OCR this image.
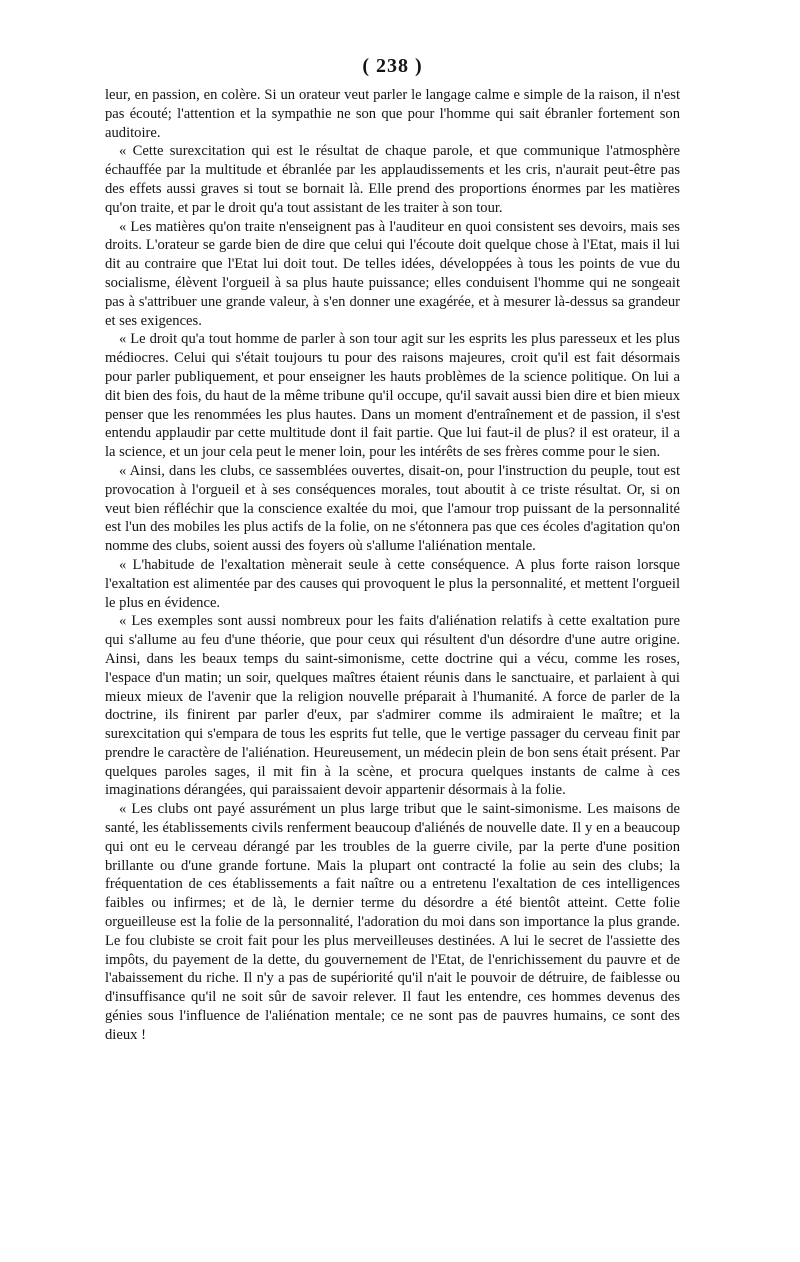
( 238 )

leur, en passion, en colère. Si un orateur veut parler le langage calme e simple de la raison, il n'est pas écouté; l'attention et la sympathie ne son que pour l'homme qui sait ébranler fortement son auditoire.

« Cette surexcitation qui est le résultat de chaque parole, et que communique l'atmosphère échauffée par la multitude et ébranlée par les applaudissements et les cris, n'aurait peut-être pas des effets aussi graves si tout se bornait là. Elle prend des proportions énormes par les matières qu'on traite, et par le droit qu'a tout assistant de les traiter à son tour.

« Les matières qu'on traite n'enseignent pas à l'auditeur en quoi consistent ses devoirs, mais ses droits. L'orateur se garde bien de dire que celui qui l'écoute doit quelque chose à l'Etat, mais il lui dit au contraire que l'Etat lui doit tout. De telles idées, développées à tous les points de vue du socialisme, élèvent l'orgueil à sa plus haute puissance; elles conduisent l'homme qui ne songeait pas à s'attribuer une grande valeur, à s'en donner une exagérée, et à mesurer là-dessus sa grandeur et ses exigences.

« Le droit qu'a tout homme de parler à son tour agit sur les esprits les plus paresseux et les plus médiocres. Celui qui s'était toujours tu pour des raisons majeures, croit qu'il est fait désormais pour parler publiquement, et pour enseigner les hauts problèmes de la science politique. On lui a dit bien des fois, du haut de la même tribune qu'il occupe, qu'il savait aussi bien dire et bien mieux penser que les renommées les plus hautes. Dans un moment d'entraînement et de passion, il s'est entendu applaudir par cette multitude dont il fait partie. Que lui faut-il de plus? il est orateur, il a la science, et un jour cela peut le mener loin, pour les intérêts de ses frères comme pour le sien.

« Ainsi, dans les clubs, ce sassemblées ouvertes, disait-on, pour l'instruction du peuple, tout est provocation à l'orgueil et à ses conséquences morales, tout aboutit à ce triste résultat. Or, si on veut bien réfléchir que la conscience exaltée du moi, que l'amour trop puissant de la personnalité est l'un des mobiles les plus actifs de la folie, on ne s'étonnera pas que ces écoles d'agitation qu'on nomme des clubs, soient aussi des foyers où s'allume l'aliénation mentale.

« L'habitude de l'exaltation mènerait seule à cette conséquence. A plus forte raison lorsque l'exaltation est alimentée par des causes qui provoquent le plus la personnalité, et mettent l'orgueil le plus en évidence.

« Les exemples sont aussi nombreux pour les faits d'aliénation relatifs à cette exaltation pure qui s'allume au feu d'une théorie, que pour ceux qui résultent d'un désordre d'une autre origine. Ainsi, dans les beaux temps du saint-simonisme, cette doctrine qui a vécu, comme les roses, l'espace d'un matin; un soir, quelques maîtres étaient réunis dans le sanctuaire, et parlaient à qui mieux mieux de l'avenir que la religion nouvelle préparait à l'humanité. A force de parler de la doctrine, ils finirent par parler d'eux, par s'admirer comme ils admiraient le maître; et la surexcitation qui s'empara de tous les esprits fut telle, que le vertige passager du cerveau finit par prendre le caractère de l'aliénation. Heureusement, un médecin plein de bon sens était présent. Par quelques paroles sages, il mit fin à la scène, et procura quelques instants de calme à ces imaginations dérangées, qui paraissaient devoir appartenir désormais à la folie.

« Les clubs ont payé assurément un plus large tribut que le saint-simonisme. Les maisons de santé, les établissements civils renferment beaucoup d'aliénés de nouvelle date. Il y en a beaucoup qui ont eu le cerveau dérangé par les troubles de la guerre civile, par la perte d'une position brillante ou d'une grande fortune. Mais la plupart ont contracté la folie au sein des clubs; la fréquentation de ces établissements a fait naître ou a entretenu l'exaltation de ces intelligences faibles ou infirmes; et de là, le dernier terme du désordre a été bientôt atteint. Cette folie orgueilleuse est la folie de la personnalité, l'adoration du moi dans son importance la plus grande. Le fou clubiste se croit fait pour les plus merveilleuses destinées. A lui le secret de l'assiette des impôts, du payement de la dette, du gouvernement de l'Etat, de l'enrichissement du pauvre et de l'abaissement du riche. Il n'y a pas de supériorité qu'il n'ait le pouvoir de détruire, de faiblesse ou d'insuffisance qu'il ne soit sûr de savoir relever. Il faut les entendre, ces hommes devenus des génies sous l'influence de l'aliénation mentale; ce ne sont pas de pauvres humains, ce sont des dieux !
